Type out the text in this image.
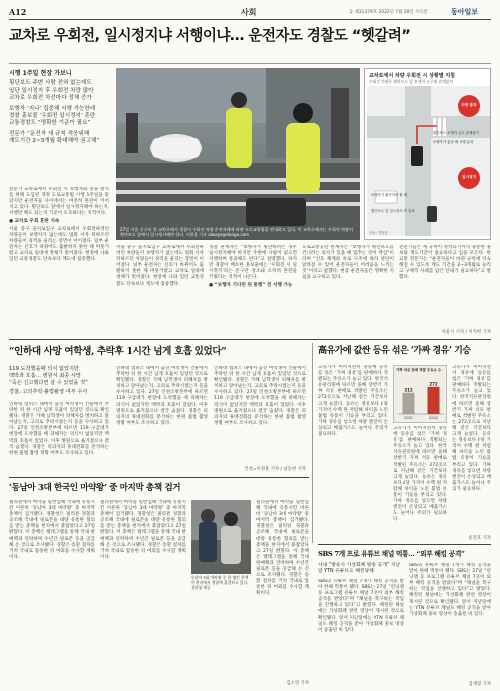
A12	사회	동 제31379호 2022년 7월 28일 수요일	동아일보
교차로 우회전, 일시정지냐 서행이냐… 운전자도 경찰도 “헷갈려”
시행 1주일 현장 가보니
횡단보도 주변 사람 전혀 없는데도
일단 일시정지 후 우회전 차량 많아
교차로 우회전 차선마다 정체 증가
보행자 ‘지나’ 집중해 서행 가능한데
경찰 홍보물 ‘우회전 일시정지’ 혼란
교통경찰도 “명확한 기준이 필요”
전문가 “운전자 새 규칙 적응위해
계도기간 2~3개월 확대해야 권고해”

전문가 교차로에서 우회전 시 보행자와 충돌 방지를 위해 도입된 개정 도로교통법 시행 1주일을 맞았지만 운전자들 사이에서는 여전히 혼란이 이어지고 있다. 횡단보도 앞에서 일시정지해야 하는지, 서행만 해도 되는지 기준이 모호하다는 지적이다.

● 교차로 우회 혼란 지속

서울 중구 을지로입구 교차로에서 우회전하려던 차량들이 보행자가 없는데도 멈춰 서자 뒤따르던 차량들이 경적을 울리는 장면이 이어졌다. 일부 운전자는 신호가 바뀌어도 출발하지 못한 채 머뭇거렸고 교차로 일대에 정체가 빚어졌다. 현장에 나와 있던 교통경찰도 단속보다 계도에 집중했다.

27일 서울 중구의 한 교차로에서 경찰이 우회전 차량 운전자에게 바뀐 도로교통법을 안내하고 있다. 이 교차로에서는 우회전 차량이 횡단보도 앞에서 일시정지해야 한다. 이한결 기자 always@donga.com
교차로에서 차량 우회전 시 상황별 지침
우회전 차량은 횡단보도 앞 보행자 유무와 관계없이
차량 통과
일시정지
횡단보도 보행자 유무 관계없이
보행자가 없을 때 서행 통과
보행자가 횡단하려 할 때
횡단보도 앞 일시정지 후 통과
자료: 경찰청

서울 중구 을지로입구 교차로에서 우회전하려던 차량들이 보행자가 없는데도 멈춰 서자 뒤따르던 차량들이 경적을 울리는 장면이 이어졌다. 일부 운전자는 신호가 바뀌어도 출발하지 못한 채 머뭇거렸고 교차로 일대에 정체가 빚어졌다. 현장에 나와 있던 교통경찰도 단속보다 계도에 집중했다.

경찰 관계자는 “보행자가 횡단하려는 경우 일시정지해야 하지만 주변에 사람이 없으면 서행하며 통과해도 된다”고 설명했다. 하지만 경찰이 배포한 홍보물에는 ‘우회전 시 일시정지’라는 문구만 강조돼 오히려 혼란을 키웠다는 지적이 나온다.

● “보행자 기다린 뒤 통행” 전 서행 가능

도로교통공단 관계자는 “보행자가 횡단보도를 건너려는 의사가 있을 때 멈추는 것이 핵심”이라며 “신호 체계와 차로 구조에 따라 판단이 달라질 수 있어 운전자들이 어려움을 느끼는 것”이라고 말했다. 현장 운전자들은 명확한 지침을 요구하고 있다.

전문가들은 새 규칙이 정착되기까지 충분한 홍보와 계도기간이 필요하다고 입을 모은다. 한 교통 전문가는 “운전자들이 바뀐 규칙에 익숙해질 수 있도록 계도 기간을 2~3개월로 늘리고 구체적 사례를 담은 안내가 필요하다”고 말했다.

서울시 기자 / 이지현 기자
“인하대 사망 여학생, 추락후 1시간 넘게 호흡 있었다”
119 도착했을때 의식 없었지만
맥박과 호흡… 병원서 최종 사망
“죽은 신고했다면 살 수 있었을 것”
경찰, 고의추락·불법촬영 여부 수사

인하대 캠퍼스 내에서 숨진 여학생이 건물에서 추락한 뒤 한 시간 넘게 호흡이 있었던 것으로 확인됐다. 경찰은 가해 남학생이 피해자를 방치하고 달아났는지, 고의로 추락시켰는지 등을 수사하고 있다. 27일 인천소방본부에 따르면 119 구급대가 현장에 도착했을 때 피해자는 의식이 없었지만 맥박과 호흡이 있었다. 이후 병원으로 옮겨졌으나 결국 숨졌다. 경찰은 피의자의 휴대전화를 분석하는 한편 불법 촬영 정황 여부도 조사하고 있다.

인하대 캠퍼스 내에서 숨진 여학생이 건물에서 추락한 뒤 한 시간 넘게 호흡이 있었던 것으로 확인됐다. 경찰은 가해 남학생이 피해자를 방치하고 달아났는지, 고의로 추락시켰는지 등을 수사하고 있다. 27일 인천소방본부에 따르면 119 구급대가 현장에 도착했을 때 피해자는 의식이 없었지만 맥박과 호흡이 있었다. 이후 병원으로 옮겨졌으나 결국 숨졌다. 경찰은 피의자의 휴대전화를 분석하는 한편 불법 촬영 정황 여부도 조사하고 있다.

인하대 캠퍼스 내에서 숨진 여학생이 건물에서 추락한 뒤 한 시간 넘게 호흡이 있었던 것으로 확인됐다. 경찰은 가해 남학생이 피해자를 방치하고 달아났는지, 고의로 추락시켰는지 등을 수사하고 있다. 27일 인천소방본부에 따르면 119 구급대가 현장에 도착했을 때 피해자는 의식이 없었지만 맥박과 호흡이 있었다. 이후 병원으로 옮겨졌으나 결국 숨졌다. 경찰은 피의자의 휴대전화를 분석하는 한편 불법 촬영 정황 여부도 조사하고 있다.

인천=이정훈 기자 / 남동현 기자
高유가에 값싼 등유 섞은 ‘가짜 경유’ 기승

고유가가 이어지면서 경유에 등유를 섞은 ‘가짜 경유’를 판매하다 적발되는 주유소가 늘고 있다. 한국석유관리원에 따르면 올해 상반기 가짜 석유 판매로 적발된 주유소는 272곳으로 지난해 같은 기간보다 크게 늘었다. 등유는 경유보다 ℓ당 가격이 수백 원 저렴해 차익을 노린 불법 유통이 기승을 부리고 있다. 가짜 경유를 넣으면 차량 엔진이 손상되고 배출가스도 늘어나 주의가 필요하다.

가짜 석유 판매 적발 주유소 수
212
2021
272
2022

고유가가 이어지면서 경유에 등유를 섞은 ‘가짜 경유’를 판매하다 적발되는 주유소가 늘고 있다. 한국석유관리원에 따르면 올해 상반기 가짜 석유 판매로 적발된 주유소는 272곳으로 지난해 같은 기간보다 크게 늘었다. 등유는 경유보다 ℓ당 가격이 수백 원 저렴해 차익을 노린 불법 유통이 기승을 부리고 있다. 가짜 경유를 넣으면 차량 엔진이 손상되고 배출가스도 늘어나 주의가 필요하다.

고유가가 이어지면서 경유에 등유를 섞은 ‘가짜 경유’를 판매하다 적발되는 주유소가 늘고 있다. 한국석유관리원에 따르면 올해 상반기 가짜 석유 판매로 적발된 주유소는 272곳으로 지난해 같은 기간보다 크게 늘었다. 등유는 경유보다 ℓ당 가격이 수백 원 저렴해 차익을 노린 불법 유통이 기승을 부리고 있다. 가짜 경유를 넣으면 차량 엔진이 손상되고 배출가스도 늘어나 주의가 필요하다.

송진호 기자
‘동남아 3대 한국인 마약왕’ 중 마지막 총책 검거

필리핀에서 마약을 밀반입해 국내에 유통시킨 이른바 ‘동남아 3대 마약왕’ 중 마지막 총책이 검거됐다. 경찰청은 필리핀 경찰과 공조해 국내에 필로폰을 대량 유통한 혐의를 받는 총책을 현지에서 붙잡았다고 27일 밝혔다. 이 총책은 텔레그램을 통해 국내 판매책과 연락하며 수년간 필로폰 등을 공급해 온 것으로 조사됐다. 경찰은 송환 절차를 거쳐 국내로 압송한 뒤 여죄를 수사할 계획이다.

필리핀에서 마약을 밀반입해 국내에 유통시킨 이른바 ‘동남아 3대 마약왕’ 중 마지막 총책이 검거됐다. 경찰청은 필리핀 경찰과 공조해 국내에 필로폰을 대량 유통한 혐의를 받는 총책을 현지에서 붙잡았다고 27일 밝혔다. 이 총책은 텔레그램을 통해 국내 판매책과 연락하며 수년간 필로폰 등을 공급해 온 것으로 조사됐다. 경찰은 송환 절차를 거쳐 국내로 압송한 뒤 여죄를 수사할 계획이다.

동남아 3대 마약왕 중 한 명인 총책이 현지에서 경찰에 붙잡히고 있다. 경찰청 제공

필리핀에서 마약을 밀반입해 국내에 유통시킨 이른바 ‘동남아 3대 마약왕’ 중 마지막 총책이 검거됐다. 경찰청은 필리핀 경찰과 공조해 국내에 필로폰을 대량 유통한 혐의를 받는 총책을 현지에서 붙잡았다고 27일 밝혔다. 이 총책은 텔레그램을 통해 국내 판매책과 연락하며 수년간 필로폰 등을 공급해 온 것으로 조사됐다. 경찰은 송환 절차를 거쳐 국내로 압송한 뒤 여죄를 수사할 계획이다.

김소영 기자
SBS 7개 프로 유튜브 채널 먹통… “외부 해킹 공격”
사내 “방송사 가상화폐 방송 공개” 지난달 YTN 유튜브도 해킹당해

SBS의 유튜브 채널 7개가 해킹 공격을 받아 한때 먹통이 됐다. SBS는 27일 “런닝맨 등 프로그램 유튜브 채널 7곳이 외부 해킹 공격을 받았다”며 “채널을 복구하는 작업을 진행하고 있다”고 밝혔다. 해킹된 채널에는 가상화폐 관련 영상이 게시된 것으로 확인됐다. 앞서 지난달에는 YTN 유튜브 채널도 해킹 공격을 받아 가상화폐 홍보 영상이 송출된 바 있다.

SBS의 유튜브 채널 7개가 해킹 공격을 받아 한때 먹통이 됐다. SBS는 27일 “런닝맨 등 프로그램 유튜브 채널 7곳이 외부 해킹 공격을 받았다”며 “채널을 복구하는 작업을 진행하고 있다”고 밝혔다. 해킹된 채널에는 가상화폐 관련 영상이 게시된 것으로 확인됐다. 앞서 지난달에는 YTN 유튜브 채널도 해킹 공격을 받아 가상화폐 홍보 영상이 송출된 바 있다.

김재형 기자
